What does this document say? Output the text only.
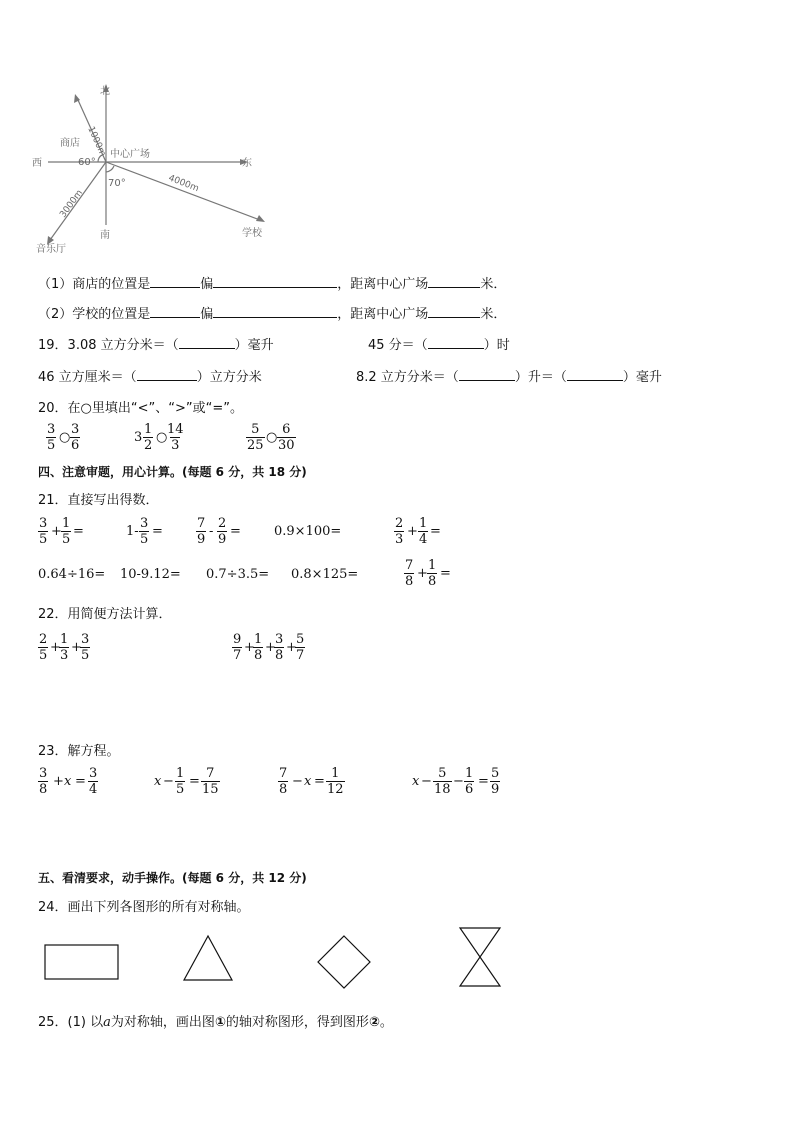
北
南
西	东
中心广场
商店
学校
音乐厅
1000m
4000m
3000m
60°
70°
（1）商店的位置是	偏	，距离中心广场	米．
（2）学校的位置是	偏	，距离中心广场	米．
19．3.08 立方分米＝（	）毫升	45 分＝（	）时
46 立方厘米＝（	）立方分米	8.2 立方分米＝（	）升＝（	）毫升
20．在○里填出“<”、“>”或“=”。
$\frac{3}{5}$ ○ $\frac{3}{6}$	$3 \frac{1}{2}$ ○
$\frac{14}{3}$	$\frac{5}{25}$ ○ $\frac{6}{30}$
四、注意审题，用心计算。(每题 6 分，共 18 分)
21．直接写出得数．
$\frac{3}{5} + \frac{1}{5}$ =	$1- \frac{3}{5}$ =	$\frac{7}{9} - \frac{2}{9}$ =	0.9×100=	$\frac{2}{3} + \frac{1}{4}$ =
0.64÷16= 10-9.12= 0.7÷3.5= 0.8×125=	$\frac{7}{8} + \frac{1}{8}$ =
22．用简便方法计算．
$\frac{2}{5}$ +
$\frac{1}{3}$ +
$\frac{3}{5}$	$\frac{9}{7}$ +
$\frac{1}{8}$ +
$\frac{3}{8}$ +
$\frac{5}{7}$
23．解方程。
$\frac{3}{8} + x = \frac{3}{4}$	$x - \frac{1}{5} = \frac{7}{15}$	$\frac{7}{8} - x = \frac{1}{12}$	$x - \frac{5}{18} - \frac{1}{6} = \frac{5}{9}$
五、看清要求，动手操作。(每题 6 分，共 12 分)
24．画出下列各图形的所有对称轴。
25．(1) 以a为对称轴，画出图①的轴对称图形，得到图形②。
